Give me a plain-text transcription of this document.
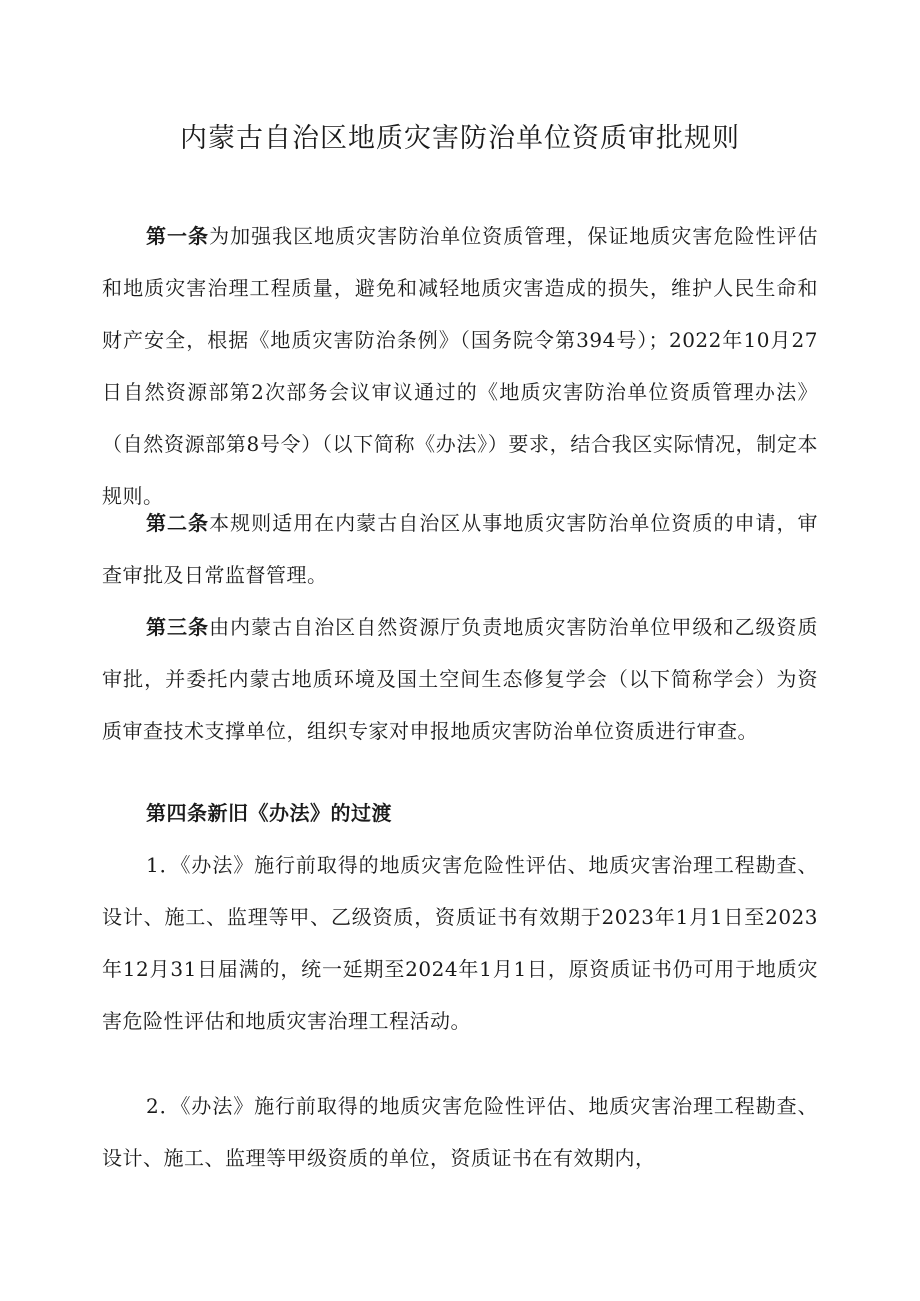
内蒙古自治区地质灾害防治单位资质审批规则

第一条为加强我区地质灾害防治单位资质管理，保证地质灾害危险性评估和地质灾害治理工程质量，避免和减轻地质灾害造成的损失，维护人民生命和财产安全，根据《地质灾害防治条例》（国务院令第394号）；2022年10月27日自然资源部第2次部务会议审议通过的《地质灾害防治单位资质管理办法》（自然资源部第8号令）（以下简称《办法》）要求，结合我区实际情况，制定本规则。

第二条本规则适用在内蒙古自治区从事地质灾害防治单位资质的申请，审查审批及日常监督管理。

第三条由内蒙古自治区自然资源厅负责地质灾害防治单位甲级和乙级资质审批，并委托内蒙古地质环境及国土空间生态修复学会（以下简称学会）为资质审查技术支撑单位，组织专家对申报地质灾害防治单位资质进行审查。

第四条新旧《办法》的过渡

1．《办法》施行前取得的地质灾害危险性评估、地质灾害治理工程勘查、设计、施工、监理等甲、乙级资质，资质证书有效期于2023年1月1日至2023年12月31日届满的，统一延期至2024年1月1日，原资质证书仍可用于地质灾害危险性评估和地质灾害治理工程活动。

2．《办法》施行前取得的地质灾害危险性评估、地质灾害治理工程勘查、设计、施工、监理等甲级资质的单位，资质证书在有效期内，
